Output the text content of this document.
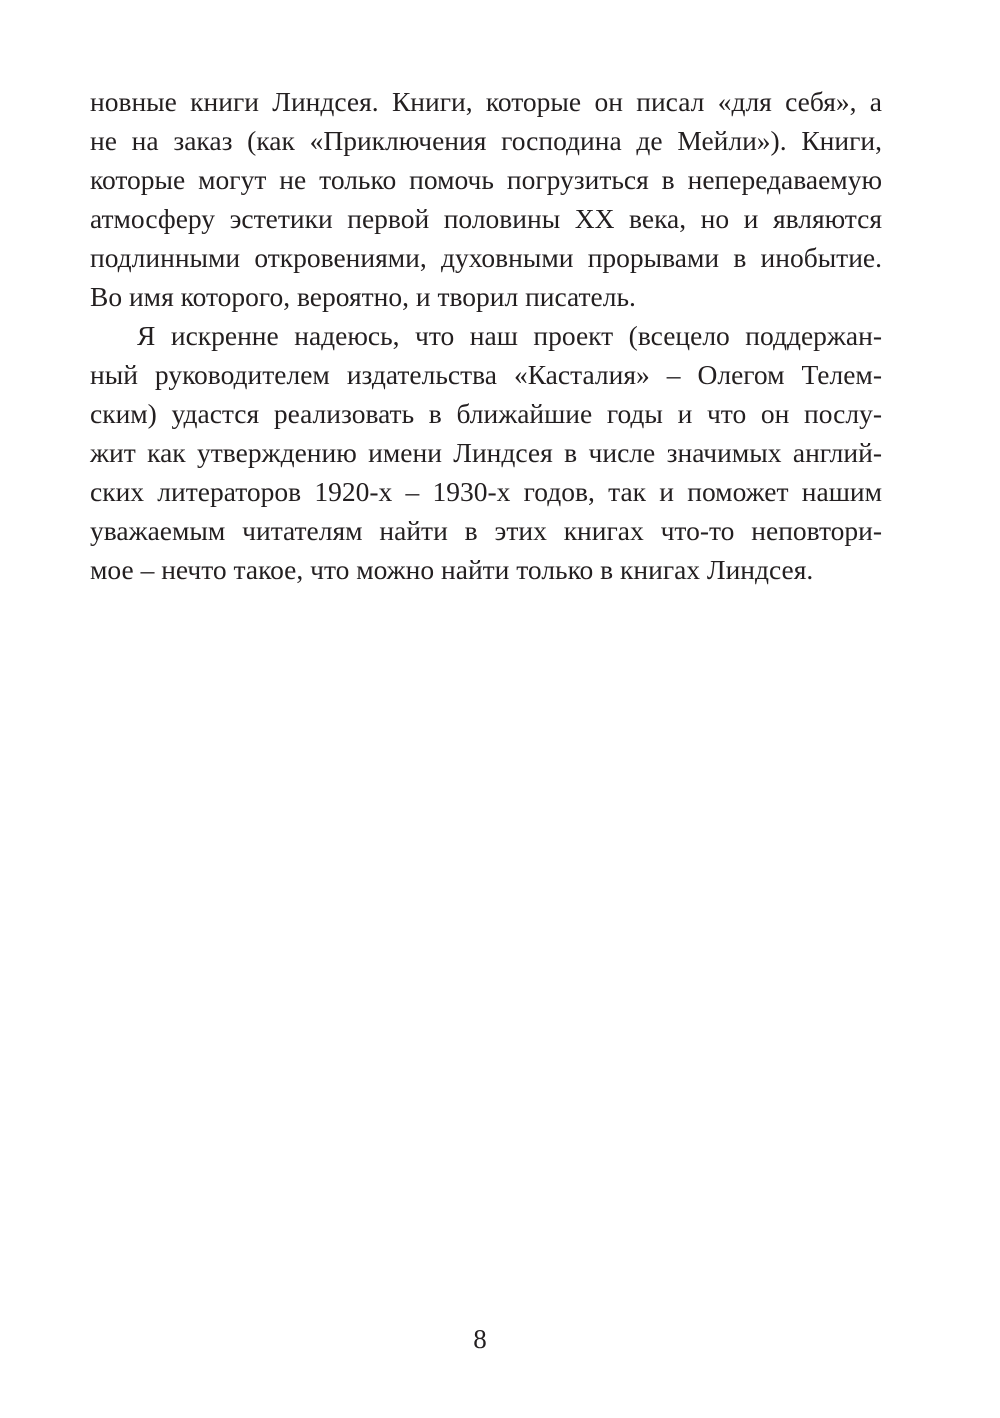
новные книги Линдсея. Книги, которые он писал «для себя», а
не на заказ (как «Приключения господина де Мейли»). Книги,
которые могут не только помочь погрузиться в непередаваемую
атмосферу эстетики первой половины XX века, но и являются
подлинными откровениями, духовными прорывами в инобытие.
Во имя которого, вероятно, и творил писатель.
Я искренне надеюсь, что наш проект (всецело поддержан-
ный руководителем издательства «Касталия» – Олегом Телем-
ским) удастся реализовать в ближайшие годы и что он послу-
жит как утверждению имени Линдсея в числе значимых англий-
ских литераторов 1920-х – 1930-х годов, так и поможет нашим
уважаемым читателям найти в этих книгах что-то неповтори-
мое – нечто такое, что можно найти только в книгах Линдсея.
8
